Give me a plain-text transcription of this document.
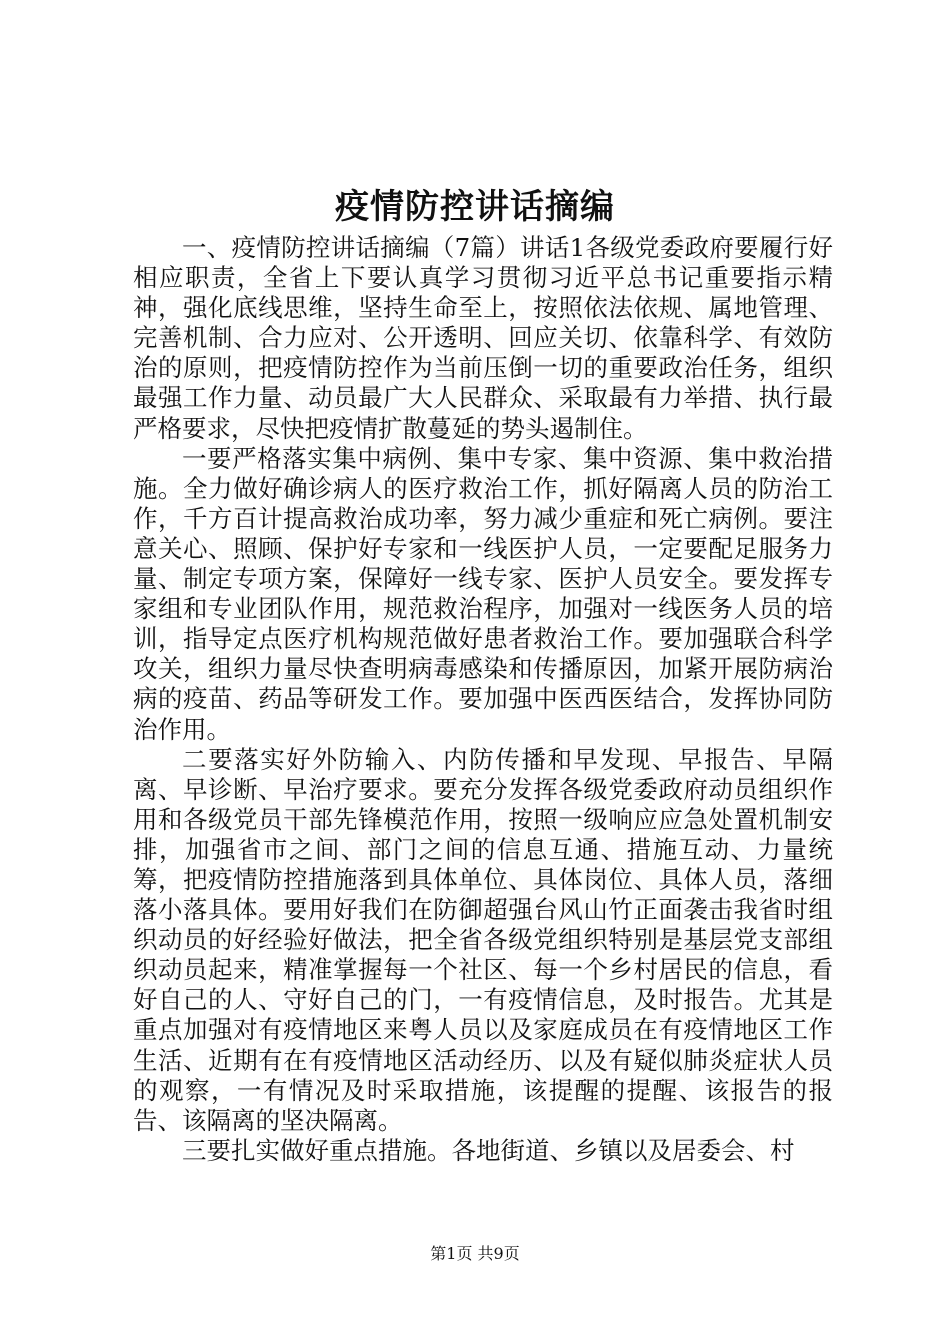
疫情防控讲话摘编

一、疫情防控讲话摘编（7篇）讲话1各级党委政府要履行好相应职责，全省上下要认真学习贯彻习近平总书记重要指示精神，强化底线思维，坚持生命至上，按照依法依规、属地管理、完善机制、合力应对、公开透明、回应关切、依靠科学、有效防治的原则，把疫情防控作为当前压倒一切的重要政治任务，组织最强工作力量、动员最广大人民群众、采取最有力举措、执行最严格要求，尽快把疫情扩散蔓延的势头遏制住。

一要严格落实集中病例、集中专家、集中资源、集中救治措施。全力做好确诊病人的医疗救治工作，抓好隔离人员的防治工作，千方百计提高救治成功率，努力减少重症和死亡病例。要注意关心、照顾、保护好专家和一线医护人员，一定要配足服务力量、制定专项方案，保障好一线专家、医护人员安全。要发挥专家组和专业团队作用，规范救治程序，加强对一线医务人员的培训，指导定点医疗机构规范做好患者救治工作。要加强联合科学攻关，组织力量尽快查明病毒感染和传播原因，加紧开展防病治病的疫苗、药品等研发工作。要加强中医西医结合，发挥协同防治作用。

二要落实好外防输入、内防传播和早发现、早报告、早隔离、早诊断、早治疗要求。要充分发挥各级党委政府动员组织作用和各级党员干部先锋模范作用，按照一级响应应急处置机制安排，加强省市之间、部门之间的信息互通、措施互动、力量统筹，把疫情防控措施落到具体单位、具体岗位、具体人员，落细落小落具体。要用好我们在防御超强台风山竹正面袭击我省时组织动员的好经验好做法，把全省各级党组织特别是基层党支部组织动员起来，精准掌握每一个社区、每一个乡村居民的信息，看好自己的人、守好自己的门，一有疫情信息，及时报告。尤其是重点加强对有疫情地区来粤人员以及家庭成员在有疫情地区工作生活、近期有在有疫情地区活动经历、以及有疑似肺炎症状人员的观察，一有情况及时采取措施，该提醒的提醒、该报告的报告、该隔离的坚决隔离。

三要扎实做好重点措施。各地街道、乡镇以及居委会、村

第1页 共9页
